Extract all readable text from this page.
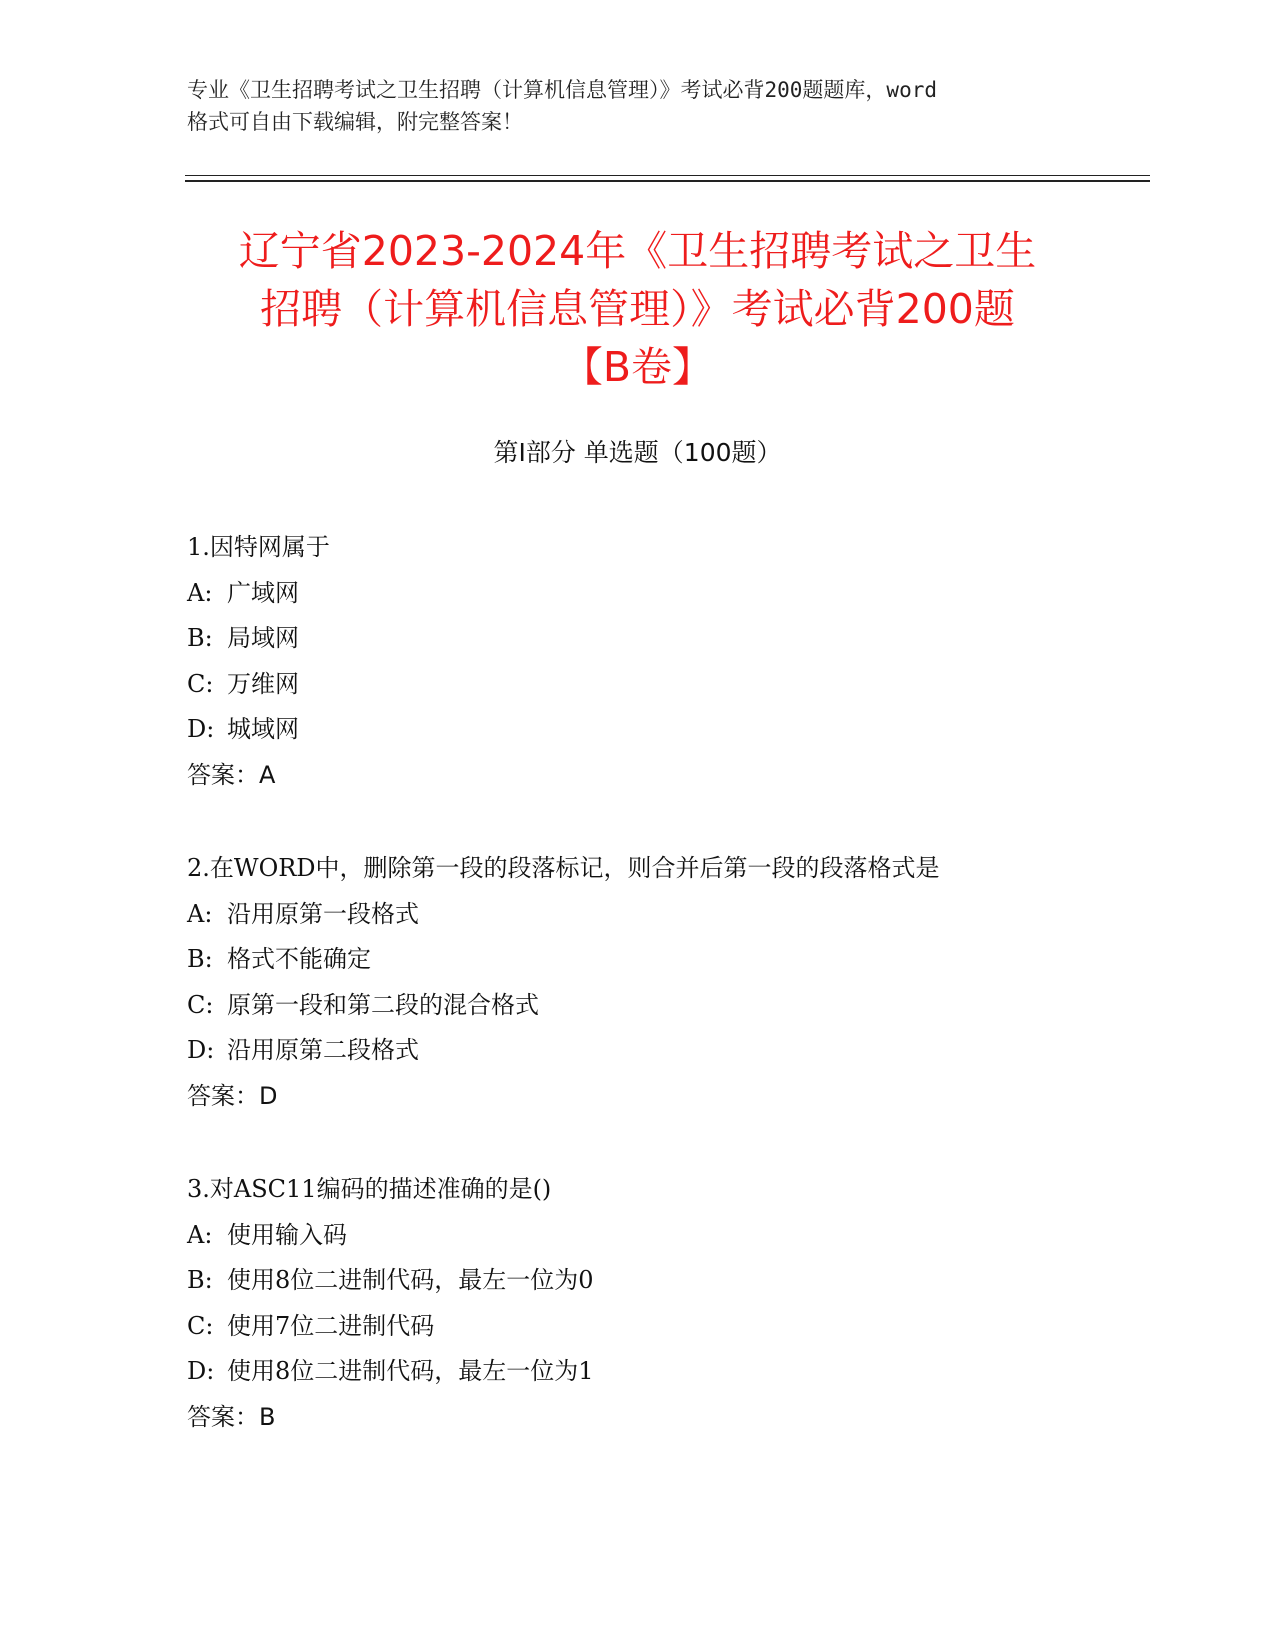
专业《卫生招聘考试之卫生招聘（计算机信息管理）》考试必背200题题库，word
格式可自由下载编辑，附完整答案！
辽宁省2023-2024年《卫生招聘考试之卫生
招聘（计算机信息管理）》考试必背200题
【B卷】
第Ⅰ部分 单选题（100题）
1.因特网属于
A: 广域网
B: 局域网
C: 万维网
D: 城域网
答案：A
2.在WORD中，删除第一段的段落标记，则合并后第一段的段落格式是
A: 沿用原第一段格式
B: 格式不能确定
C: 原第一段和第二段的混合格式
D: 沿用原第二段格式
答案：D
3.对ASC11编码的描述准确的是()
A: 使用输入码
B: 使用8位二进制代码，最左一位为0
C: 使用7位二进制代码
D: 使用8位二进制代码，最左一位为1
答案：B
